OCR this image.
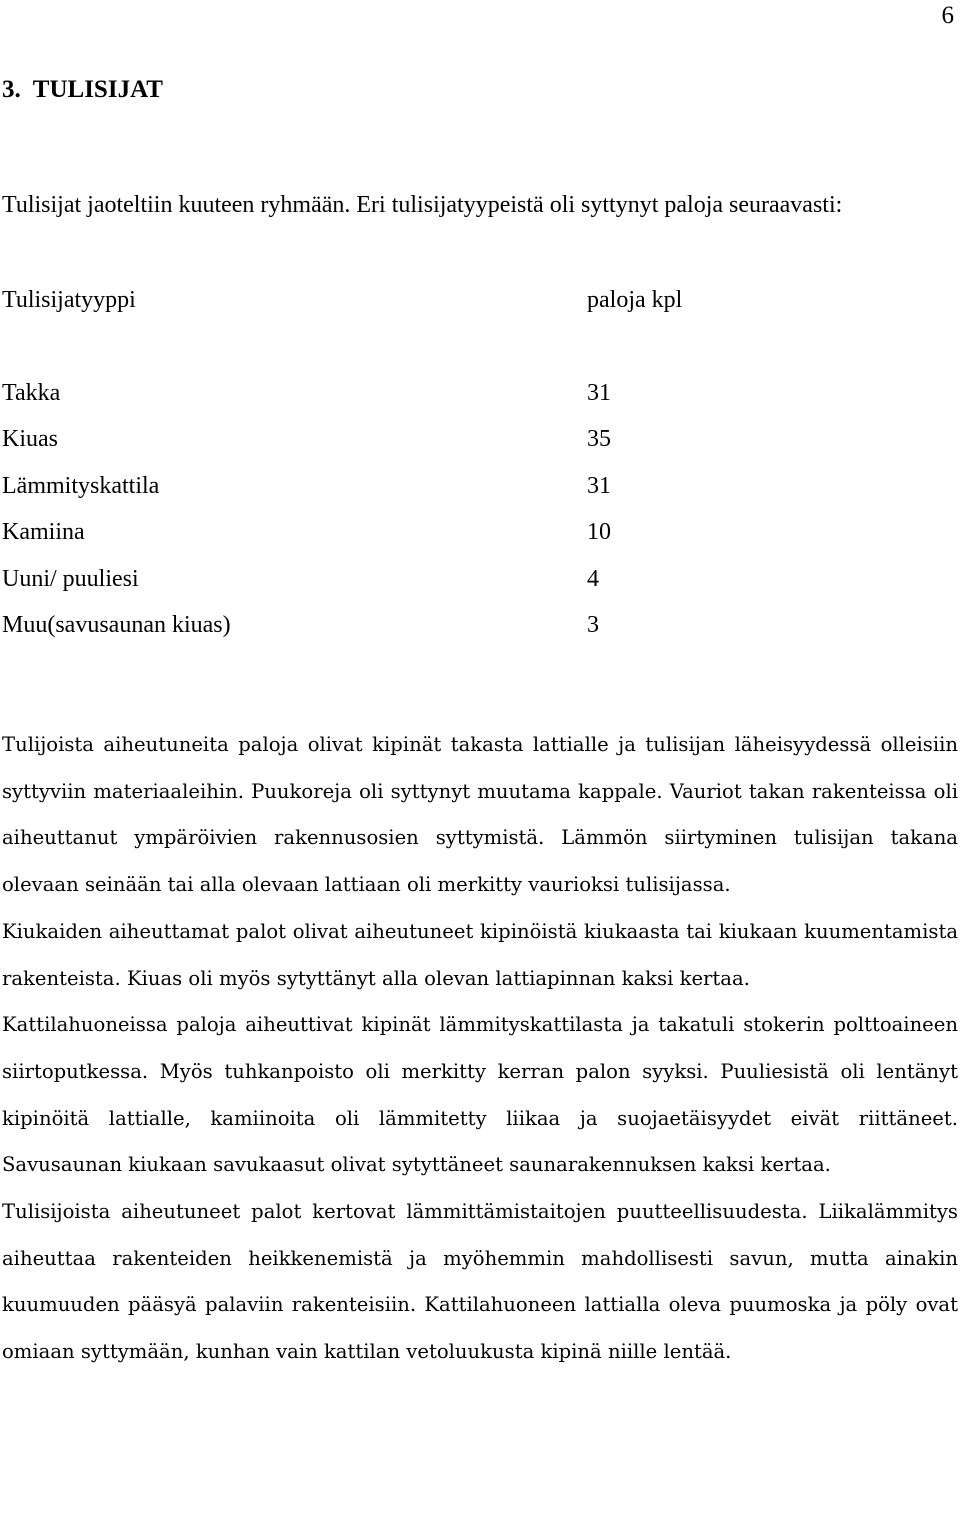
6
3.  TULISIJAT
Tulisijat jaoteltiin kuuteen ryhmään. Eri tulisijatyypeistä oli syttynyt paloja seuraavasti:
Tulisijatyyppi	paloja kpl
Takka	31
Kiuas	35
Lämmityskattila	31
Kamiina	10
Uuni/ puuliesi	4
Muu(savusaunan kiuas)	3

Tulijoista aiheutuneita paloja olivat kipinät takasta lattialle ja tulisijan läheisyydessä olleisiin syttyviin materiaaleihin. Puukoreja oli syttynyt muutama kappale. Vauriot takan rakenteissa oli aiheuttanut ympäröivien rakennusosien syttymistä. Lämmön siirtyminen tulisijan takana olevaan seinään tai alla olevaan lattiaan oli merkitty vaurioksi tulisijassa.

Kiukaiden aiheuttamat palot olivat aiheutuneet kipinöistä kiukaasta tai kiukaan kuumentamista rakenteista. Kiuas oli myös sytyttänyt alla olevan lattiapinnan kaksi kertaa.

Kattilahuoneissa paloja aiheuttivat kipinät lämmityskattilasta ja takatuli stokerin polttoaineen siirtoputkessa. Myös tuhkanpoisto oli merkitty kerran palon syyksi. Puuliesistä oli lentänyt kipinöitä lattialle, kamiinoita oli lämmitetty liikaa ja suojaetäisyydet eivät riittäneet. Savusaunan kiukaan savukaasut olivat sytyttäneet saunarakennuksen kaksi kertaa.

Tulisijoista aiheutuneet palot kertovat lämmittämistaitojen puutteellisuudesta. Liikalämmitys aiheuttaa rakenteiden heikkenemistä ja myöhemmin mahdollisesti savun, mutta ainakin kuumuuden pääsyä palaviin rakenteisiin. Kattilahuoneen lattialla oleva puumoska ja pöly ovat omiaan syttymään, kunhan vain kattilan vetoluukusta kipinä niille lentää.
